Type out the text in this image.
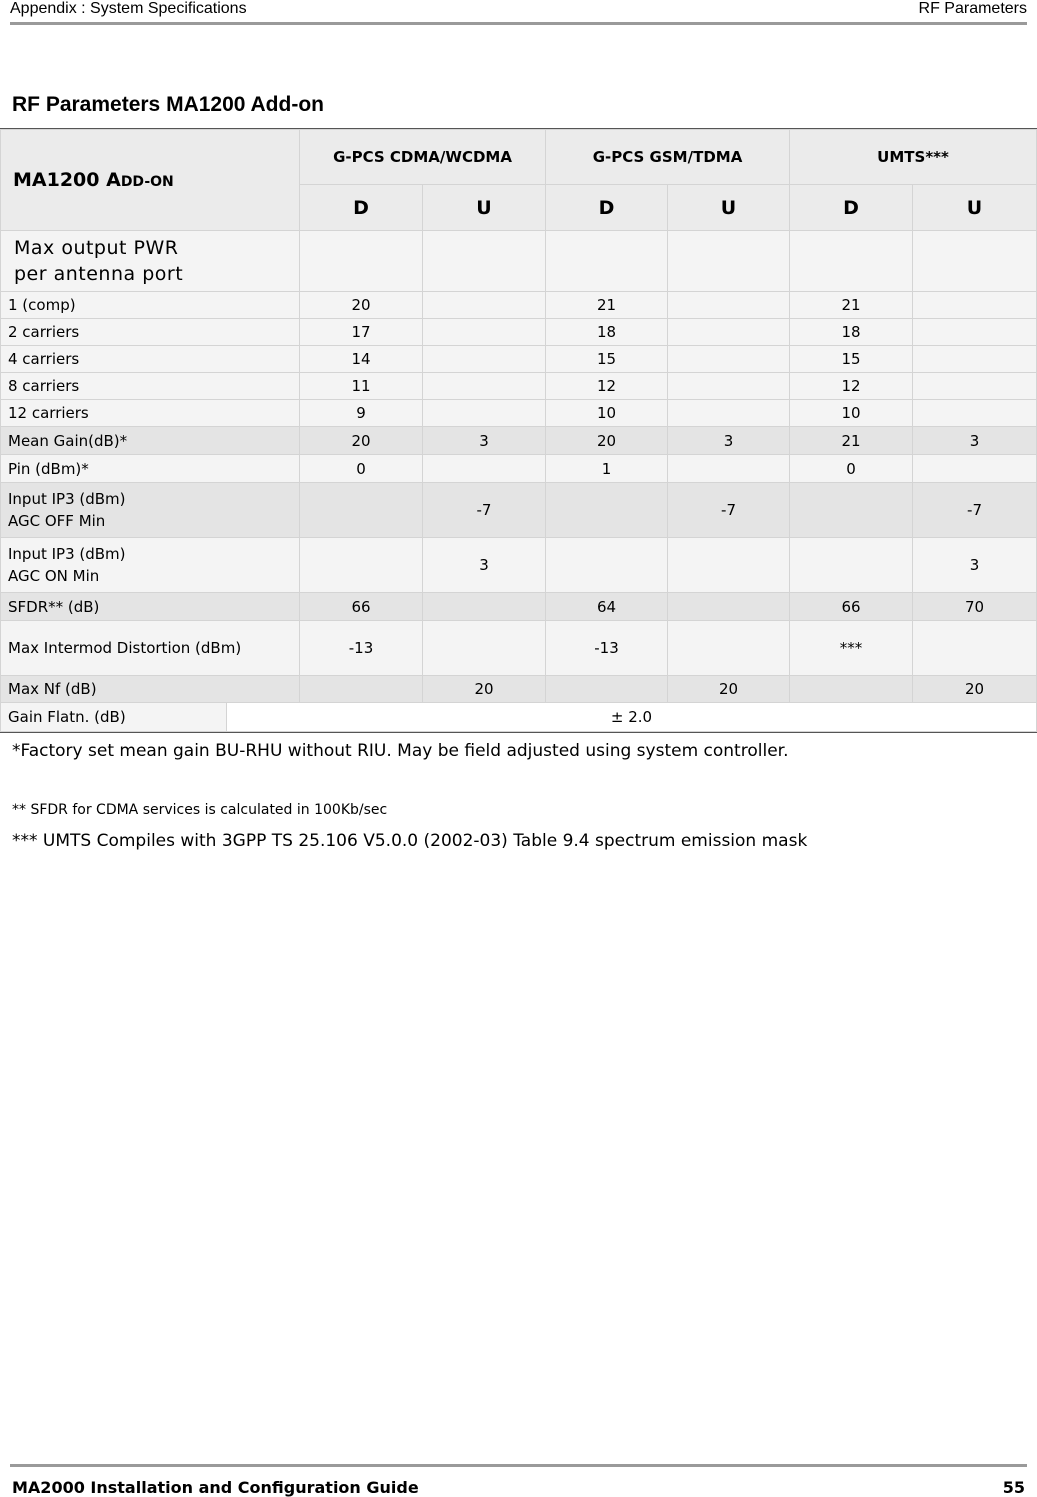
Appendix : System Specifications	RF Parameters
RF Parameters MA1200 Add-on
MA1200 ADD-ON		G-PCS CDMA/WCDMA		G-PCS GSM/TDMA		UMTS***	
		D	U	D	U	D	U
Max output PWR
per antenna port							
1 (comp)		20		21		21	
2 carriers		17		18		18	
4 carriers		14		15		15	
8 carriers		11		12		12	
12 carriers		9		10		10	
Mean Gain(dB)*		20	3	20	3	21	3
Pin (dBm)*		0		1		0	
Input IP3 (dBm)
AGC OFF Min			-7		-7		-7
Input IP3 (dBm)
AGC ON Min			3				3
SFDR** (dB)		66		64		66	70
Max Intermod Distortion (dBm)		-13		-13		***	
Max Nf (dB)			20		20		20
Gain Flatn. (dB)	± 2.0						
*Factory set mean gain BU-RHU without RIU. May be field adjusted using system controller.
** SFDR for CDMA services is calculated in 100Kb/sec
*** UMTS Compiles with 3GPP TS 25.106 V5.0.0 (2002-03) Table 9.4 spectrum emission mask
MA2000 Installation and Configuration Guide	55
